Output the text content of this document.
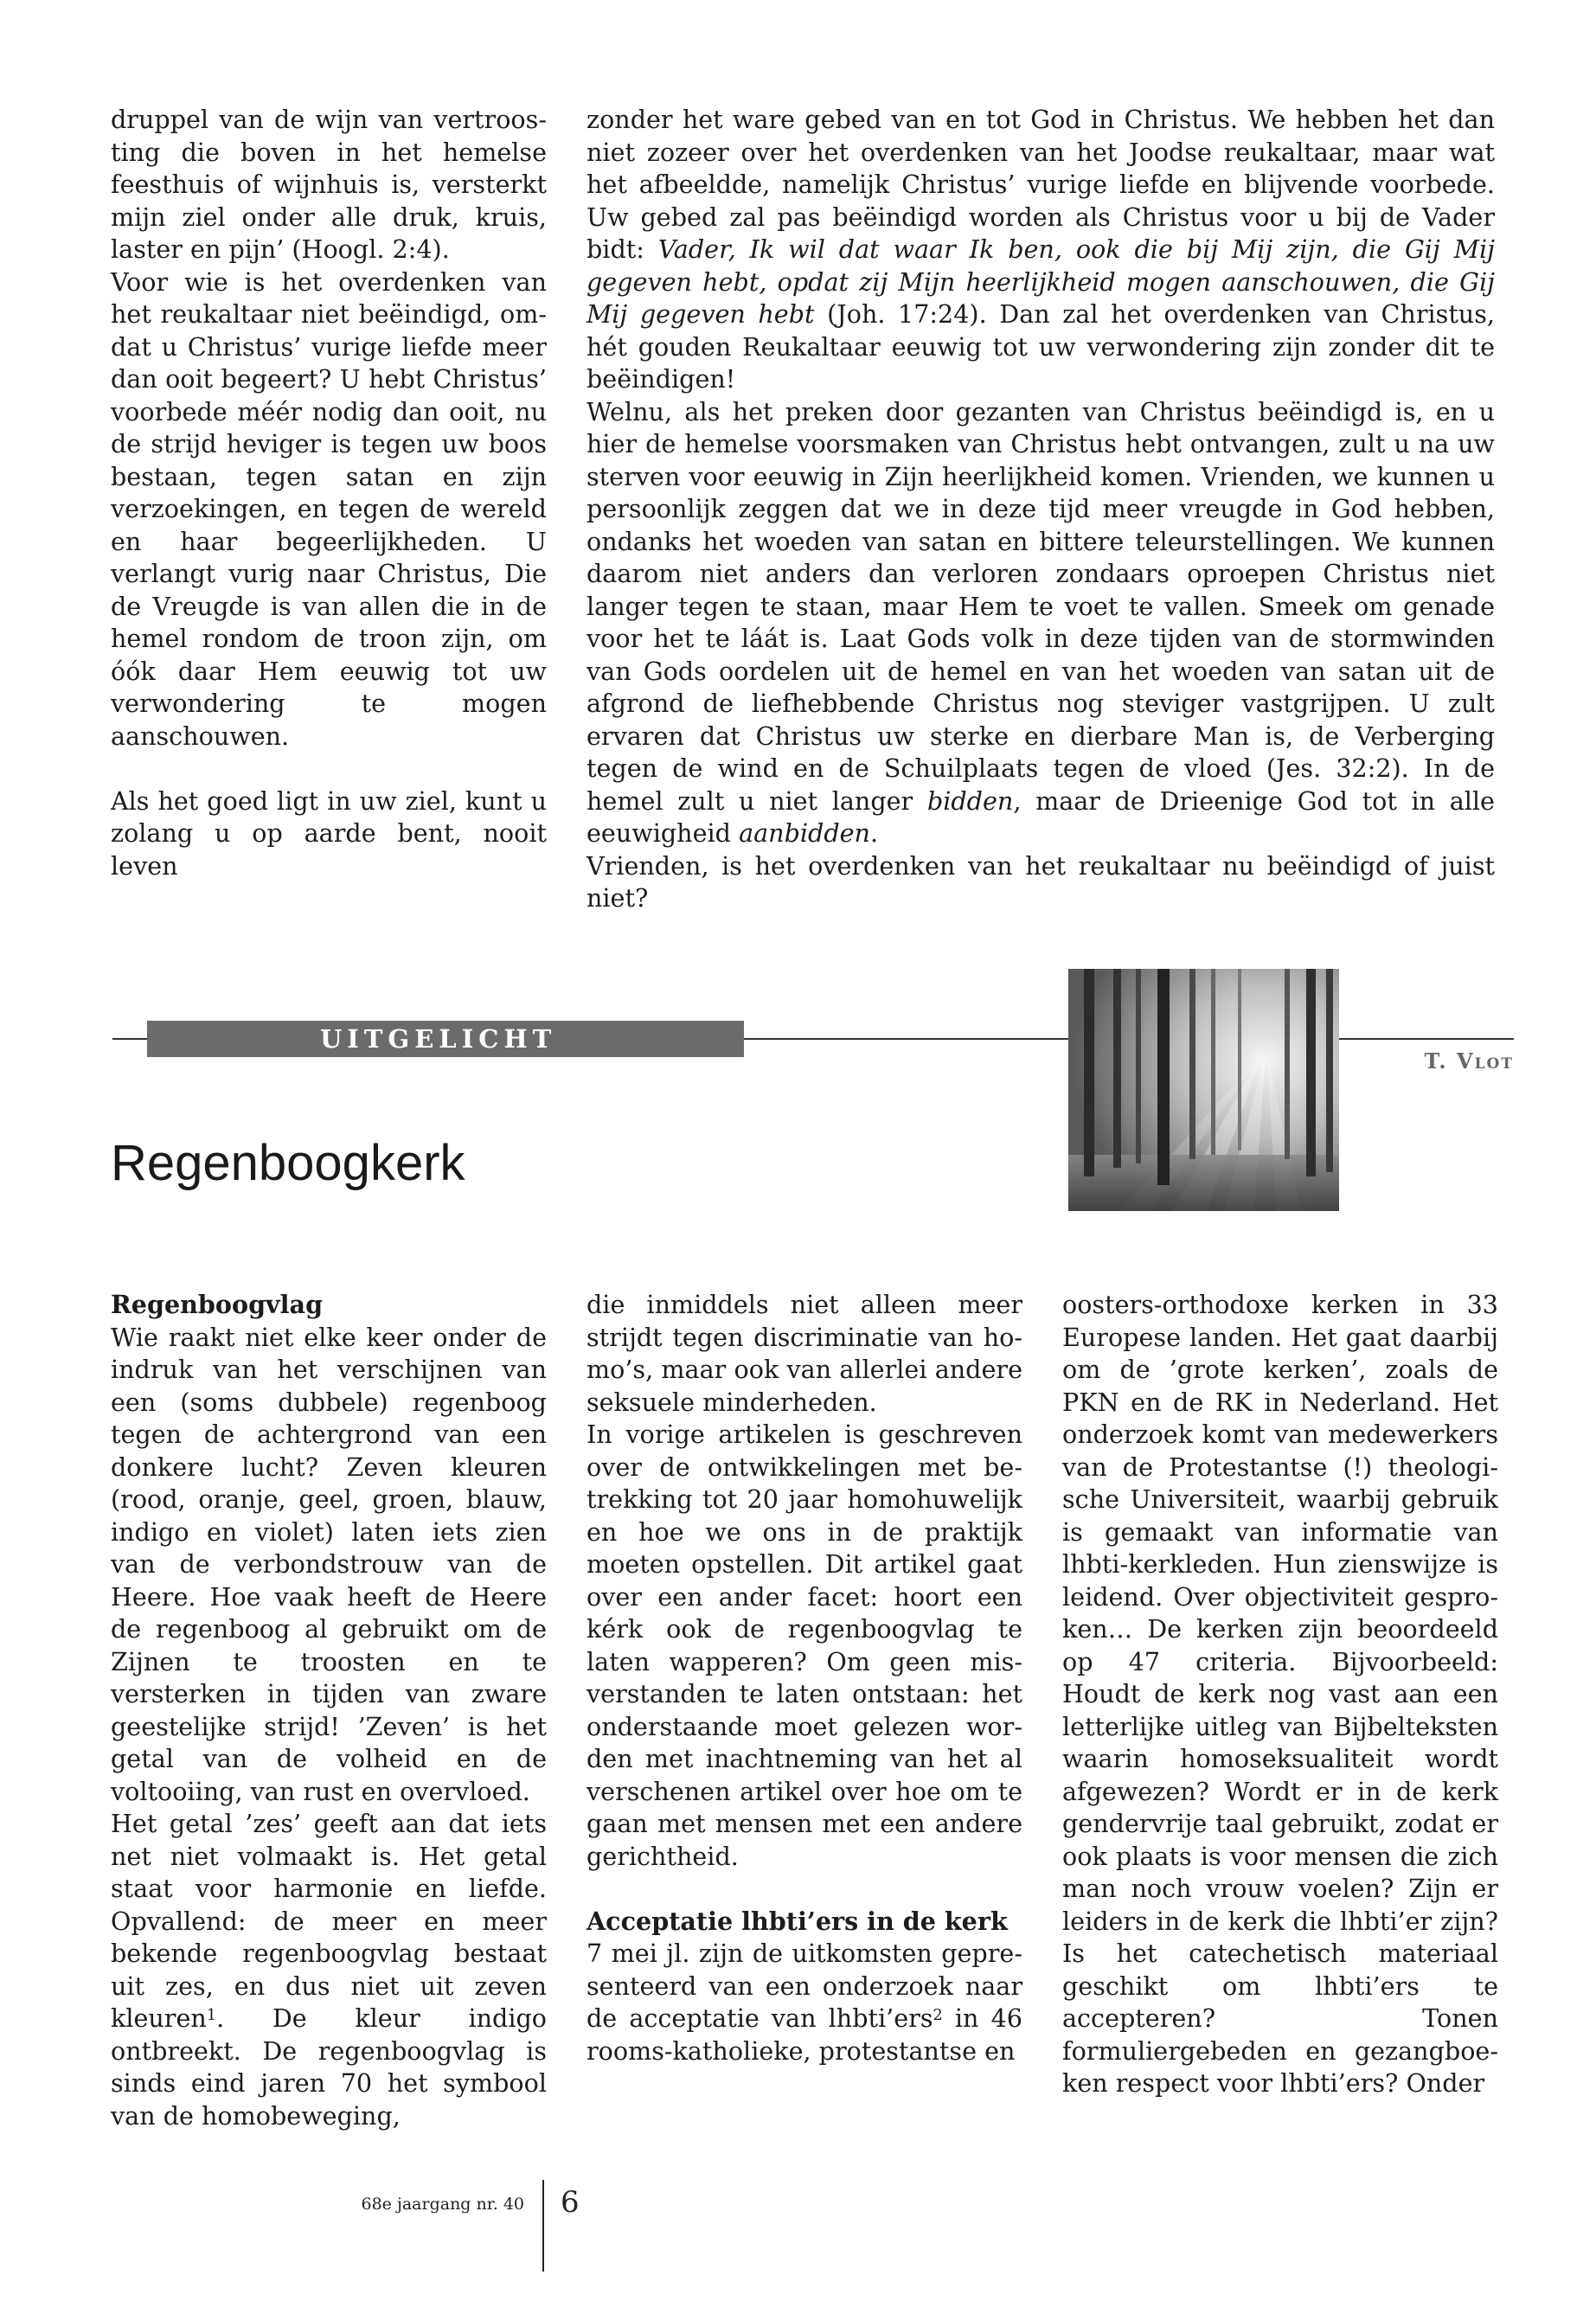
druppel van de wijn van vertroosting die boven in het hemelse feesthuis of wijnhuis is, versterkt mijn ziel onder alle druk, kruis, laster en pijn’ (Hoogl. 2:4).

Voor wie is het overdenken van het reukaltaar niet beëindigd, omdat u Christus’ vurige liefde meer dan ooit begeert? U hebt Christus’ voorbede méér nodig dan ooit, nu de strijd heviger is tegen uw boos bestaan, tegen satan en zijn verzoekingen, en tegen de wereld en haar begeerlijkheden. U verlangt vurig naar Christus, Die de Vreugde is van allen die in de hemel rondom de troon zijn, om óók daar Hem eeuwig tot uw verwondering te mogen aanschouwen.

Als het goed ligt in uw ziel, kunt u zolang u op aarde bent, nooit leven

zonder het ware gebed van en tot God in Christus. We hebben het dan niet zozeer over het overdenken van het Joodse reukaltaar, maar wat het afbeeldde, namelijk Christus’ vurige liefde en blijvende voorbede. Uw gebed zal pas beëindigd worden als Christus voor u bij de Vader bidt: Vader, Ik wil dat waar Ik ben, ook die bij Mij zijn, die Gij Mij gegeven hebt, opdat zij Mijn heerlijkheid mogen aanschouwen, die Gij Mij gegeven hebt (Joh. 17:24). Dan zal het overdenken van Christus, hét gouden Reukaltaar eeuwig tot uw verwondering zijn zonder dit te beëindigen!

Welnu, als het preken door gezanten van Christus beëindigd is, en u hier de hemelse voorsmaken van Christus hebt ontvangen, zult u na uw sterven voor eeuwig in Zijn heerlijkheid komen. Vrienden, we kunnen u persoonlijk zeggen dat we in deze tijd meer vreugde in God hebben, ondanks het woeden van satan en bittere teleurstellingen. We kunnen daarom niet anders dan verloren zondaars oproepen Christus niet langer tegen te staan, maar Hem te voet te vallen. Smeek om genade voor het te láát is. Laat Gods volk in deze tijden van de stormwinden van Gods oordelen uit de hemel en van het woeden van satan uit de afgrond de liefhebbende Christus nog steviger vastgrijpen. U zult ervaren dat Christus uw sterke en dierbare Man is, de Verberging tegen de wind en de Schuilplaats tegen de vloed (Jes. 32:2). In de hemel zult u niet langer bidden, maar de Drieenige God tot in alle eeuwigheid aanbidden.

Vrienden, is het overdenken van het reukaltaar nu beëindigd of juist niet?

UITGELICHT
T. Vlot
Regenboogkerk

Regenboogvlag

Wie raakt niet elke keer onder de indruk van het verschijnen van een (soms dubbele) regenboog tegen de achtergrond van een donkere lucht? Zeven kleuren (rood, oranje, geel, groen, blauw, indigo en violet) laten iets zien van de verbondstrouw van de Heere. Hoe vaak heeft de Heere de regenboog al gebruikt om de Zijnen te troosten en te versterken in tijden van zware geestelijke strijd! ’Zeven’ is het getal van de volheid en de voltooiing, van rust en overvloed.

Het getal ’zes’ geeft aan dat iets net niet volmaakt is. Het getal staat voor harmonie en liefde. Opvallend: de meer en meer bekende regenboogvlag bestaat uit zes, en dus niet uit zeven kleuren$^1$. De kleur indigo ontbreekt. De regenboogvlag is sinds eind jaren 70 het symbool van de homobeweging,

die inmiddels niet alleen meer strijdt tegen discriminatie van homo’s, maar ook van allerlei andere seksuele minderheden.

In vorige artikelen is geschreven over de ontwikkelingen met betrekking tot 20 jaar homohuwelijk en hoe we ons in de praktijk moeten opstellen. Dit artikel gaat over een ander facet: hoort een kérk ook de regenboogvlag te laten wapperen? Om geen misverstanden te laten ontstaan: het onderstaande moet gelezen worden met inachtneming van het al verschenen artikel over hoe om te gaan met mensen met een andere gerichtheid.

Acceptatie lhbti’ers in de kerk

7 mei jl. zijn de uitkomsten gepresenteerd van een onderzoek naar de acceptatie van lhbti’ers$^2$ in 46 rooms-katholieke, protestantse en

oosters-orthodoxe kerken in 33 Europese landen. Het gaat daarbij om de ’grote kerken’, zoals de PKN en de RK in Nederland. Het onderzoek komt van medewerkers van de Protestantse (!) theologische Universiteit, waarbij gebruik is gemaakt van informatie van lhbti-kerkleden. Hun zienswijze is leidend. Over objectiviteit gesproken… De kerken zijn beoordeeld op 47 criteria. Bijvoorbeeld: Houdt de kerk nog vast aan een letterlijke uitleg van Bijbelteksten waarin homoseksualiteit wordt afgewezen? Wordt er in de kerk gendervrije taal gebruikt, zodat er ook plaats is voor mensen die zich man noch vrouw voelen? Zijn er leiders in de kerk die lhbti’er zijn? Is het catechetisch materiaal geschikt om lhbti’ers te accepteren? Tonen formuliergebeden en gezangboeken respect voor lhbti’ers? Onder

68e jaargang nr. 40 6
